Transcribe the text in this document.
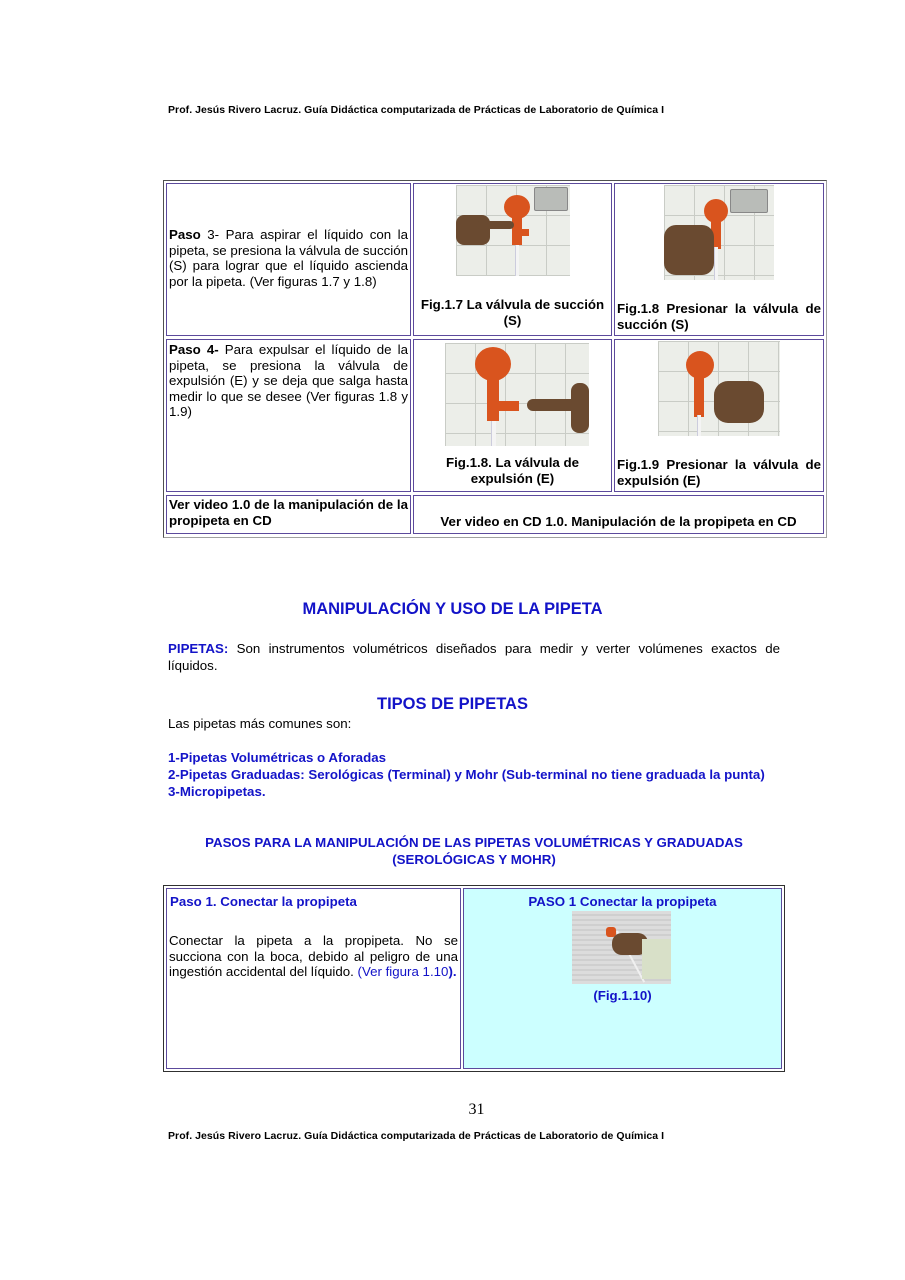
Prof. Jesús Rivero Lacruz. Guía Didáctica computarizada de Prácticas de Laboratorio de Química I
Paso 3- Para aspirar el líquido con la pipeta, se presiona la válvula de succión (S) para lograr que el líquido ascienda por la pipeta. (Ver figuras 1.7 y 1.8)
Fig.1.7 La válvula de succión (S)
Fig.1.8 Presionar la válvula de succión (S)
Paso 4- Para expulsar el líquido de la pipeta, se presiona la válvula de expulsión (E) y se deja que salga hasta medir lo que se desee (Ver figuras 1.8 y 1.9)
Fig.1.8. La válvula de expulsión (E)
Fig.1.9 Presionar la válvula de expulsión (E)
Ver video 1.0 de la manipulación de la propipeta en CD	Ver video en CD 1.0. Manipulación de la propipeta en CD
MANIPULACIÓN Y USO DE LA PIPETA
PIPETAS: Son instrumentos volumétricos diseñados para medir y verter volúmenes exactos de líquidos.
TIPOS DE PIPETAS
Las pipetas más comunes son:
1-Pipetas Volumétricas o Aforadas
2-Pipetas Graduadas: Serológicas (Terminal) y Mohr (Sub-terminal no tiene graduada la punta)
3-Micropipetas.
PASOS PARA LA MANIPULACIÓN DE LAS PIPETAS VOLUMÉTRICAS Y GRADUADAS
(SEROLÓGICAS Y MOHR)
Paso 1. Conectar la propipeta
Conectar la pipeta a la propipeta. No se succiona con la boca, debido al peligro de una ingestión accidental del líquido. (Ver figura 1.10).
PASO 1 Conectar la propipeta
(Fig.1.10)
31
Prof. Jesús Rivero Lacruz. Guía Didáctica computarizada de Prácticas de Laboratorio de Química I
